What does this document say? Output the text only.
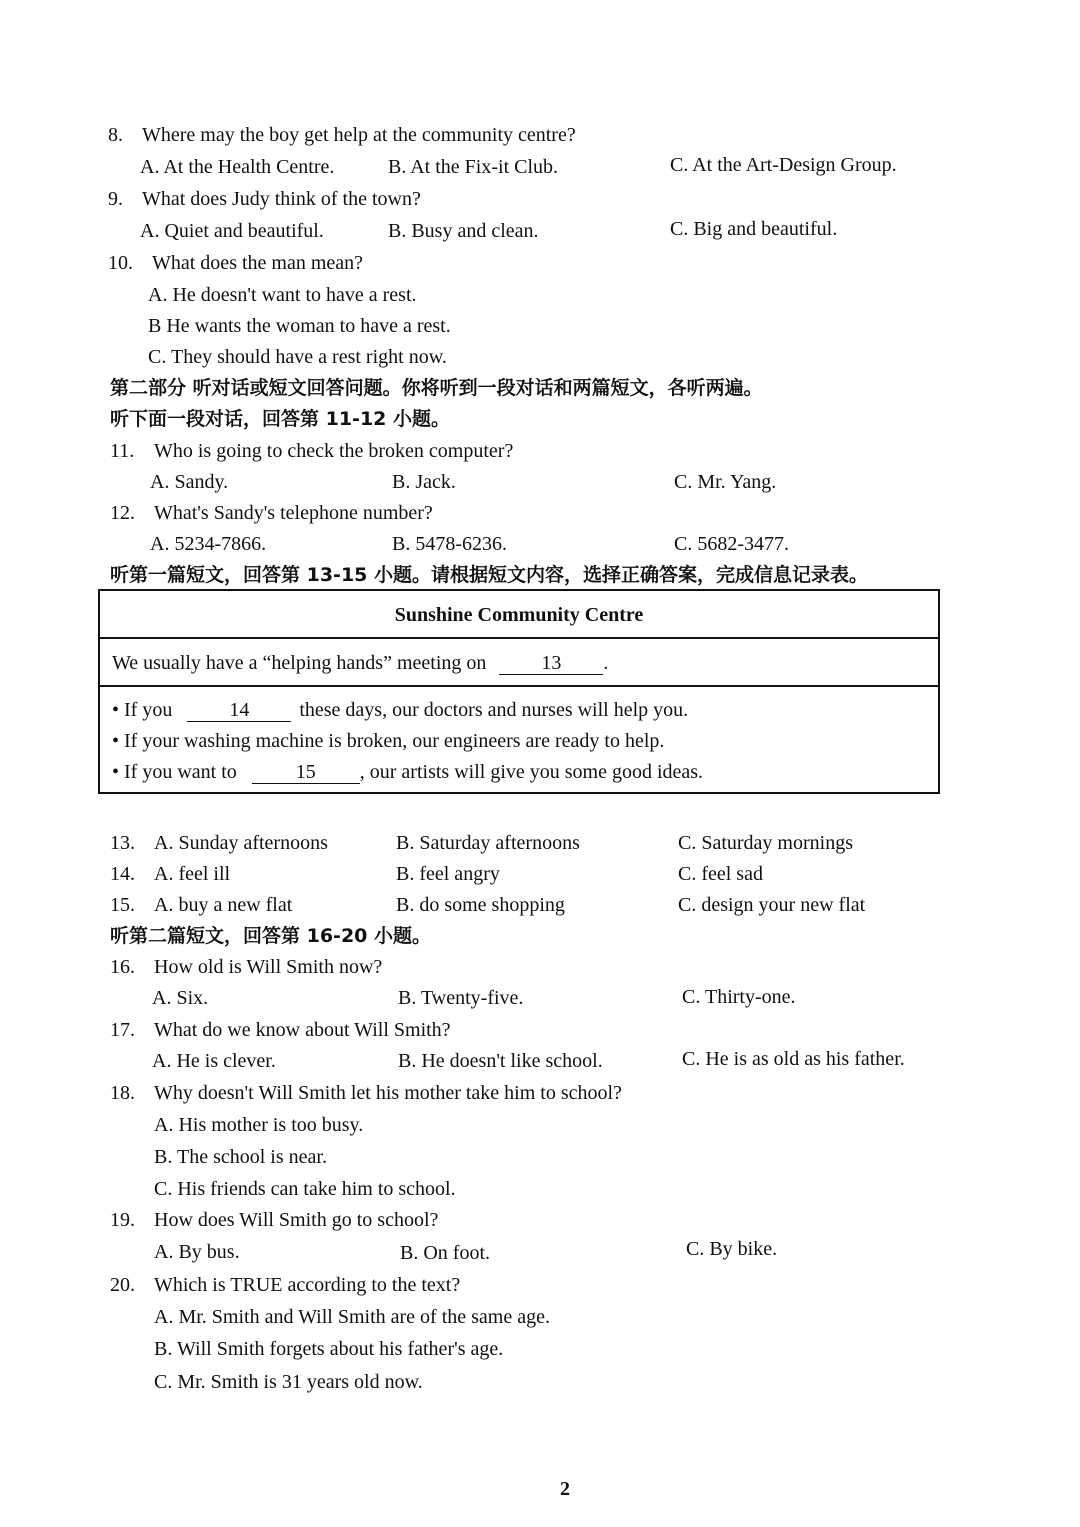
8. Where may the boy get help at the community centre?
A. At the Health Centre.	B. At the Fix-it Club.	C. At the Art-Design Group.
9. What does Judy think of the town?
A. Quiet and beautiful.	B. Busy and clean.	C. Big and beautiful.
10. What does the man mean?
A. He doesn't want to have a rest.
B He wants the woman to have a rest.
C. They should have a rest right now.
第二部分 听对话或短文回答问题。你将听到一段对话和两篇短文，各听两遍。
听下面一段对话，回答第 11-12 小题。
11. Who is going to check the broken computer?
A. Sandy.	B. Jack.	C. Mr. Yang.
12. What's Sandy's telephone number?
A. 5234-7866.	B. 5478-6236.	C. 5682-3477.
听第一篇短文，回答第 13-15 小题。请根据短文内容，选择正确答案，完成信息记录表。
Sunshine Community Centre
We usually have a “helping hands” meeting on	13 .
• If you	14	these days, our doctors and nurses will help you.
• If your washing machine is broken, our engineers are ready to help.
• If you want to	15 , our artists will give you some good ideas.
13. A. Sunday afternoons	B. Saturday afternoons	C. Saturday mornings
14. A. feel ill	B. feel angry	C. feel sad
15. A. buy a new flat	B. do some shopping	C. design your new flat
听第二篇短文，回答第 16-20 小题。
16. How old is Will Smith now?
A. Six.	B. Twenty-five.	C. Thirty-one.
17. What do we know about Will Smith?
A. He is clever.	B. He doesn't like school.	C. He is as old as his father.
18. Why doesn't Will Smith let his mother take him to school?
A. His mother is too busy.
B. The school is near.
C. His friends can take him to school.
19. How does Will Smith go to school?
A. By bus.	B. On foot.	C. By bike.
20. Which is TRUE according to the text?
A. Mr. Smith and Will Smith are of the same age.
B. Will Smith forgets about his father's age.
C. Mr. Smith is 31 years old now.
2
